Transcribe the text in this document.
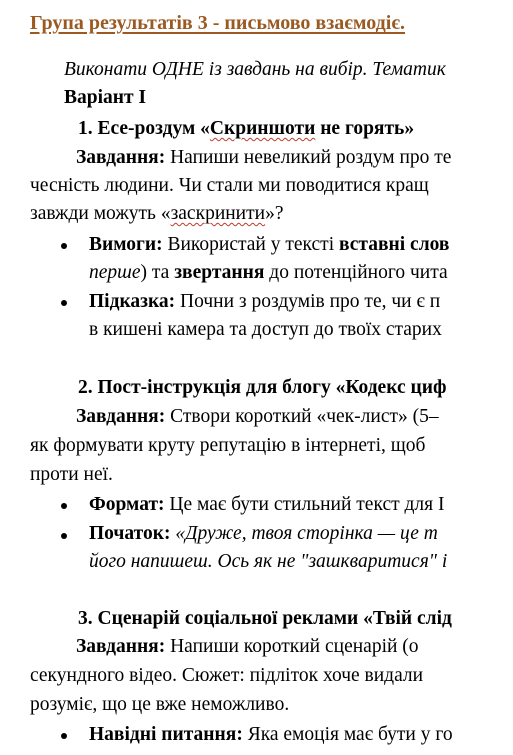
Група результатів 3 - письмово взаємодіє.
Виконати ОДНЕ із завдань на вибір. Тематик
Варіант І
1. Есе-роздум «Скриншоти не горять»
Завдання: Напиши невеликий роздум про те
чесність людини. Чи стали ми поводитися кращ
завжди можуть «заскринити»?
Вимоги: Використай у тексті вставні слов
перше) та звертання до потенційного чита
Підказка: Почни з роздумів про те, чи є п
в кишені камера та доступ до твоїх старих
2. Пост-інструкція для блогу «Кодекс циф
Завдання: Створи короткий «чек-лист» (5–
як формувати круту репутацію в інтернеті, щоб
проти неї.
Формат: Це має бути стильний текст для І
Початок: «Друже, твоя сторінка — це т
його напишеш. Ось як не "зашкваритися" і
3. Сценарій соціальної реклами «Твій слід
Завдання: Напиши короткий сценарій (о
секундного відео. Сюжет: підліток хоче видали
розуміє, що це вже неможливо.
Навідні питання: Яка емоція має бути у го
